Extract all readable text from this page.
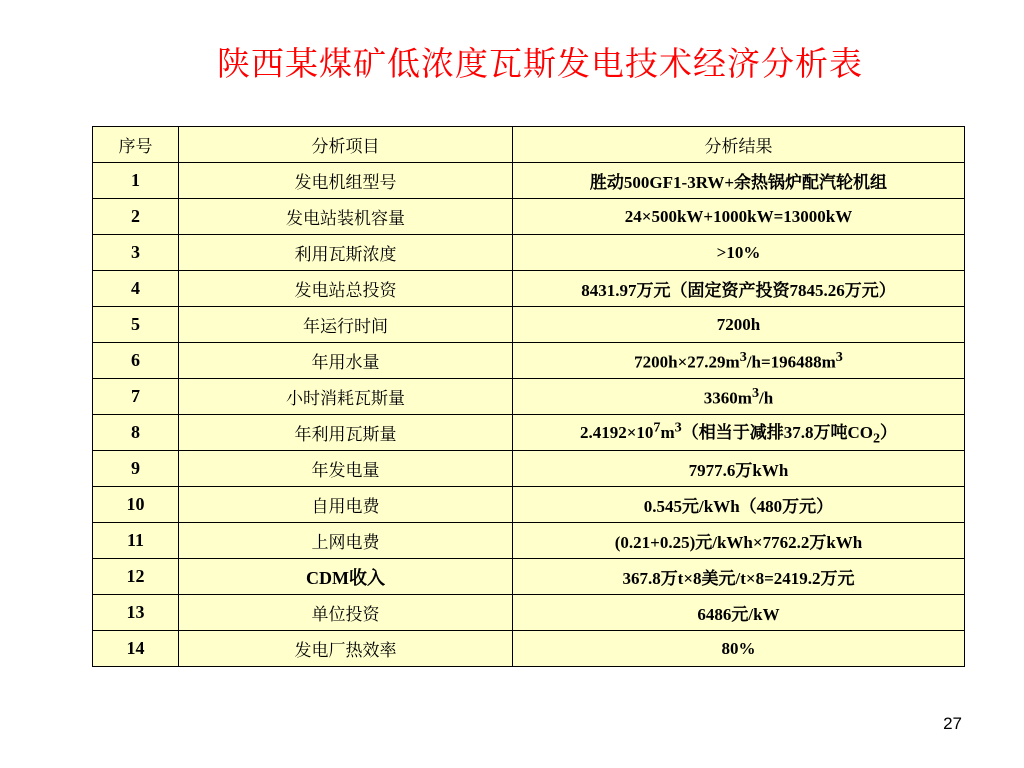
陕西某煤矿低浓度瓦斯发电技术经济分析表
序号	分析项目	分析结果
1	发电机组型号	胜动500GF1-3RW+余热锅炉配汽轮机组
2	发电站装机容量	24×500kW+1000kW=13000kW
3	利用瓦斯浓度	>10%
4	发电站总投资	8431.97万元（固定资产投资7845.26万元）
5	年运行时间	7200h
6	年用水量	$7200h\times 27.29m^3/h=196488m^3$
7	小时消耗瓦斯量	$3360m^3/h$
8	年利用瓦斯量	$2.4192\times 10^7m^3$（相当于减排37.8万吨$CO_2$）
9	年发电量	7977.6万kWh
10	自用电费	0.545元/kWh（480万元）
11	上网电费	(0.21+0.25)元/kWh×7762.2万kWh
12	CDM收入	367.8万t×8美元/t×8=2419.2万元
13	单位投资	6486元/kW
14	发电厂热效率	80%
27
